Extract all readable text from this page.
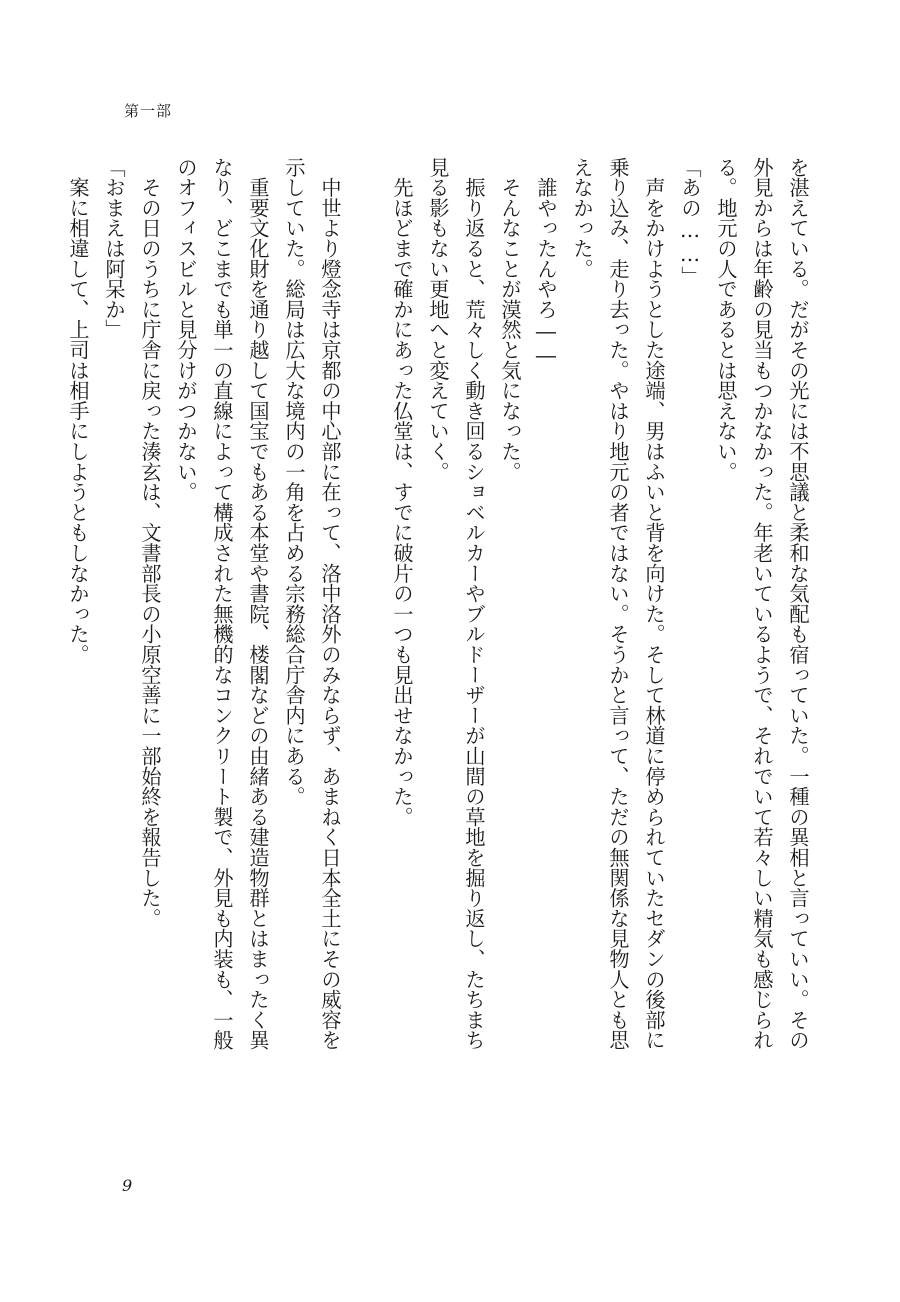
第一部
を湛えている。だがその光には不思議と柔和な気配も宿っていた。一種の異相と言っていい。その
外見からは年齢の見当もつかなかった。年老いているようで、それでいて若々しい精気も感じられ
る。地元の人であるとは思えない。
「あの……」
　声をかけようとした途端、男はふいと背を向けた。そして林道に停められていたセダンの後部に
乗り込み、走り去った。やはり地元の者ではない。そうかと言って、ただの無関係な見物人とも思
えなかった。
　誰やったんやろ――
　そんなことが漠然と気になった。
　振り返ると、荒々しく動き回るショベルカーやブルドーザーが山間の草地を掘り返し、たちまち
見る影もない更地へと変えていく。
　先ほどまで確かにあった仏堂は、すでに破片の一つも見出せなかった。
　中世より燈念寺は京都の中心部に在って、洛中洛外のみならず、あまねく日本全土にその威容を
示していた。総局は広大な境内の一角を占める宗務総合庁舎内にある。
　重要文化財を通り越して国宝でもある本堂や書院、楼閣などの由緒ある建造物群とはまったく異
なり、どこまでも単一の直線によって構成された無機的なコンクリート製で、外見も内装も、一般
のオフィスビルと見分けがつかない。
　その日のうちに庁舎に戻った湊玄は、文書部長の小原空善に一部始終を報告した。
「おまえは阿呆か」
　案に相違して、上司は相手にしようともしなかった。
9
